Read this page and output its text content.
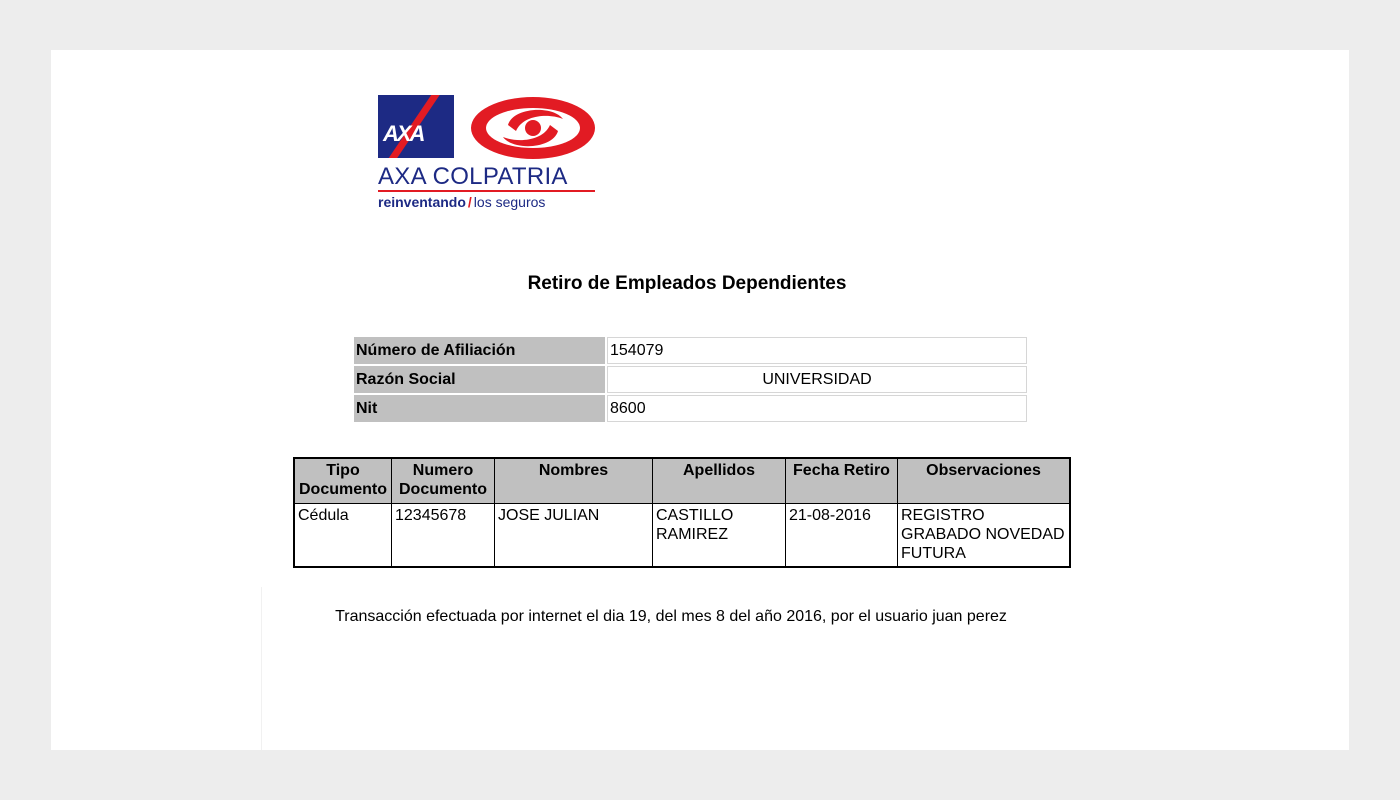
AXA
AXA COLPATRIA
reinventando / los seguros
Retiro de Empleados Dependientes
Número de Afiliación	154079
Razón Social	UNIVERSIDAD
Nit	8600
Tipo Documento	Numero Documento	Nombres	Apellidos	Fecha Retiro	Observaciones
Cédula	12345678	JOSE JULIAN	CASTILLO RAMIREZ	21-08-2016	REGISTRO GRABADO NOVEDAD FUTURA
Transacción efectuada por internet el dia 19, del mes 8 del año 2016, por el usuario juan perez
